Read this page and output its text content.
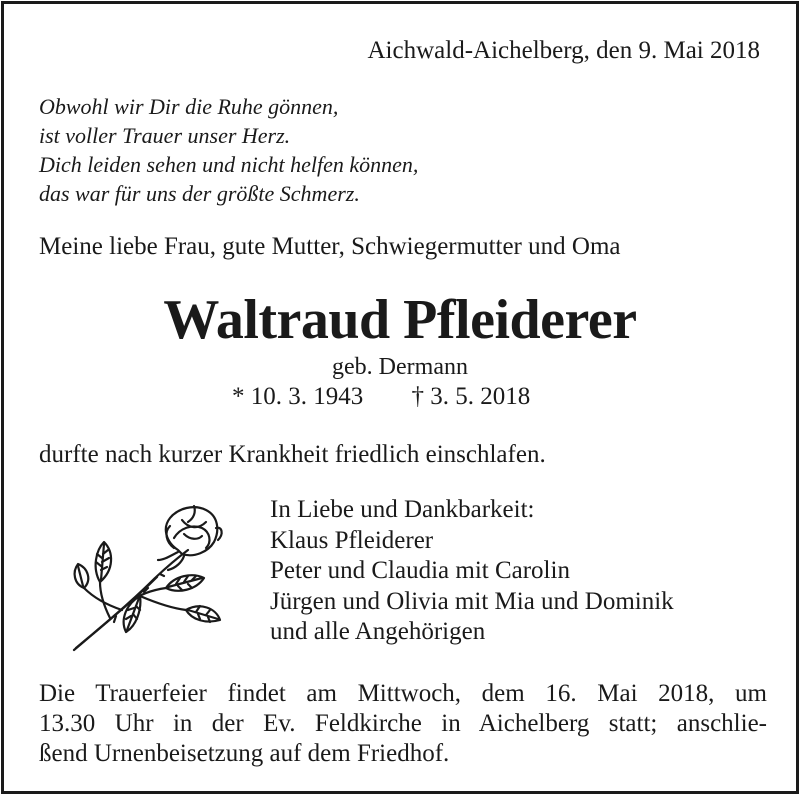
Aichwald-Aichelberg, den 9. Mai 2018
Obwohl wir Dir die Ruhe gönnen,
ist voller Trauer unser Herz.
Dich leiden sehen und nicht helfen können,
das war für uns der größte Schmerz.
Meine liebe Frau, gute Mutter, Schwiegermutter und Oma
Waltraud Pfleiderer
geb. Dermann
* 10. 3. 1943 † 3. 5. 2018
durfte nach kurzer Krankheit friedlich einschlafen.
In Liebe und Dankbarkeit:
Klaus Pfleiderer
Peter und Claudia mit Carolin
Jürgen und Olivia mit Mia und Dominik
und alle Angehörigen
Die Trauerfeier findet am Mittwoch, dem 16. Mai 2018, um
13.30 Uhr in der Ev. Feldkirche in Aichelberg statt; anschlie-
ßend Urnenbeisetzung auf dem Friedhof.
